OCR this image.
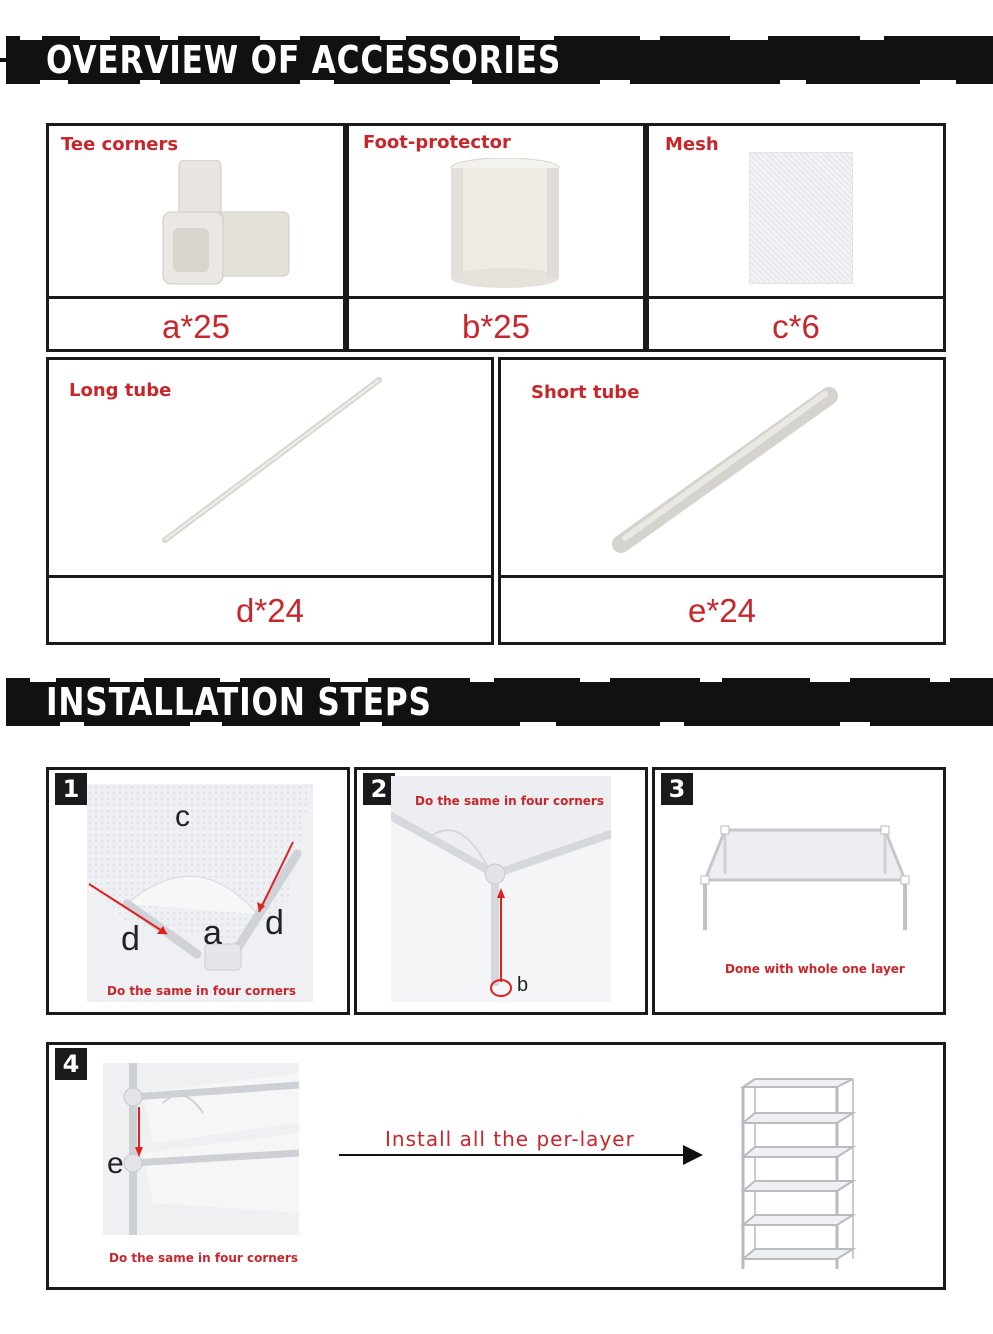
OVERVIEW OF ACCESSORIES
Tee corners
a*25
Foot-protector
b*25
Mesh
c*6
Long tube
d*24
Short tube
e*24
INSTALLATION STEPS
1
c
d a d
Do the same in four corners
2	Do the same in four corners
b
3
Done with whole one layer
4
e
Do the same in four corners
Install all the per-layer
